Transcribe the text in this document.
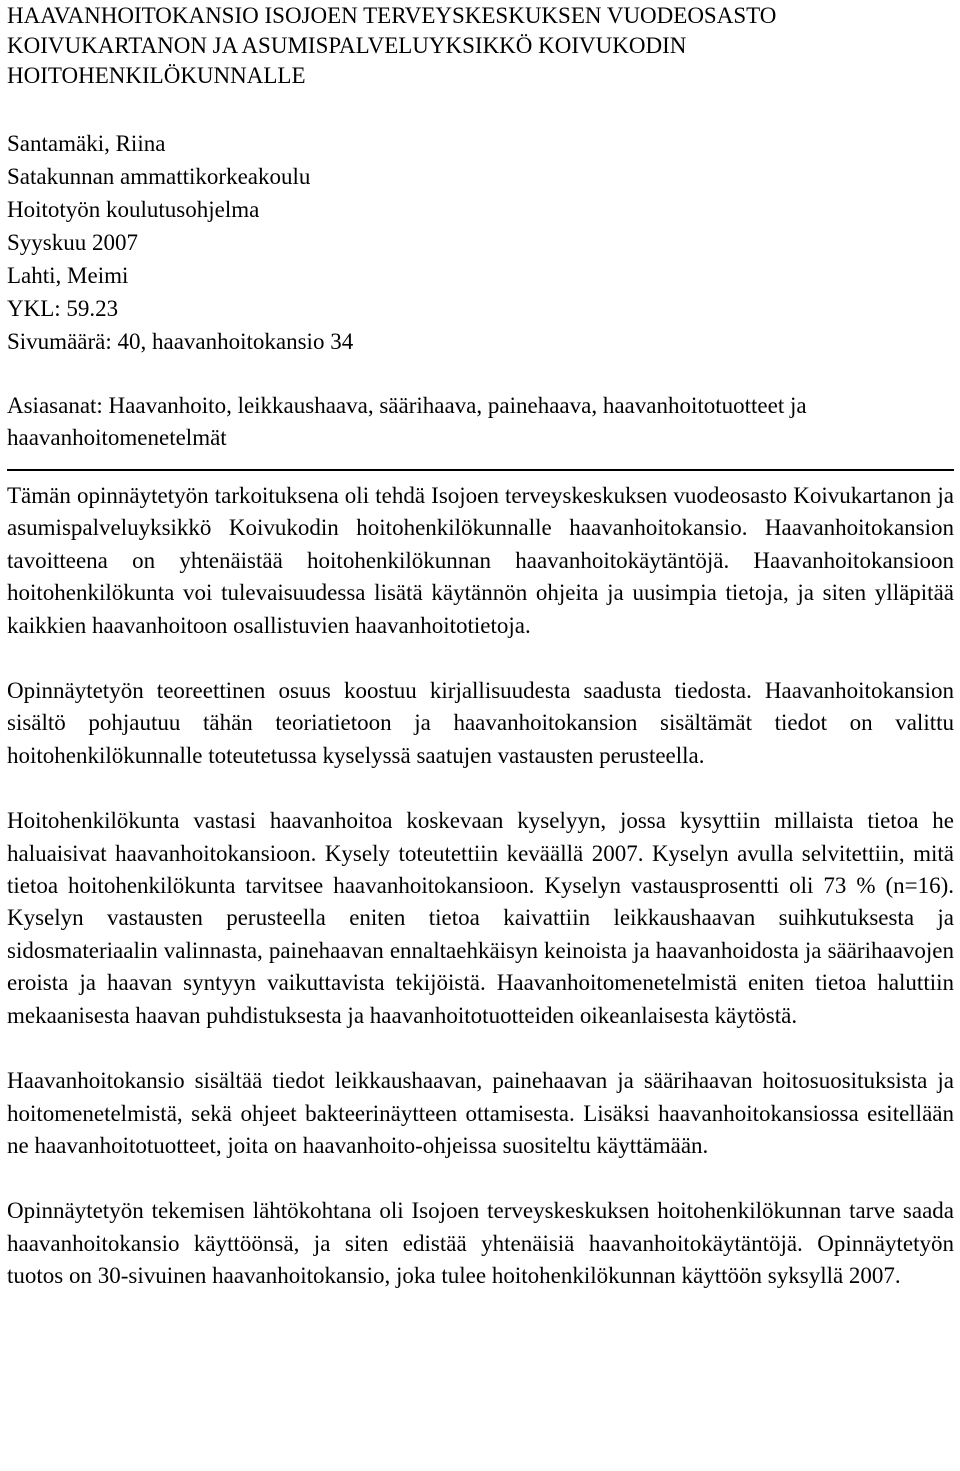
HAAVANHOITOKANSIO ISOJOEN TERVEYSKESKUKSEN VUODEOSASTO
KOIVUKARTANON JA ASUMISPALVELUYKSIKKÖ KOIVUKODIN
HOITOHENKILÖKUNNALLE
Santamäki, Riina
Satakunnan ammattikorkeakoulu
Hoitotyön koulutusohjelma
Syyskuu 2007
Lahti, Meimi
YKL: 59.23
Sivumäärä: 40, haavanhoitokansio 34
Asiasanat: Haavanhoito, leikkaushaava, säärihaava, painehaava, haavanhoitotuotteet ja haavanhoitomenetelmät

Tämän opinnäytetyön tarkoituksena oli tehdä Isojoen terveyskeskuksen vuodeosasto Koivukartanon ja asumispalveluyksikkö Koivukodin hoitohenkilökunnalle haavanhoitokansio. Haavanhoitokansion tavoitteena on yhtenäistää hoitohenkilökunnan haavanhoitokäytäntöjä. Haavanhoitokansioon hoitohenkilökunta voi tulevaisuudessa lisätä käytännön ohjeita ja uusimpia tietoja, ja siten ylläpitää kaikkien haavanhoitoon osallistuvien haavanhoitotietoja.

Opinnäytetyön teoreettinen osuus koostuu kirjallisuudesta saadusta tiedosta. Haavanhoitokansion sisältö pohjautuu tähän teoriatietoon ja haavanhoitokansion sisältämät tiedot on valittu hoitohenkilökunnalle toteutetussa kyselyssä saatujen vastausten perusteella.

Hoitohenkilökunta vastasi haavanhoitoa koskevaan kyselyyn, jossa kysyttiin millaista tietoa he haluaisivat haavanhoitokansioon. Kysely toteutettiin keväällä 2007. Kyselyn avulla selvitettiin, mitä tietoa hoitohenkilökunta tarvitsee haavanhoitokansioon. Kyselyn vastausprosentti oli 73 % (n=16). Kyselyn vastausten perusteella eniten tietoa kaivattiin leikkaushaavan suihkutuksesta ja sidosmateriaalin valinnasta, painehaavan ennaltaehkäisyn keinoista ja haavanhoidosta ja säärihaavojen eroista ja haavan syntyyn vaikuttavista tekijöistä. Haavanhoitomenetelmistä eniten tietoa haluttiin mekaanisesta haavan puhdistuksesta ja haavanhoitotuotteiden oikeanlaisesta käytöstä.

Haavanhoitokansio sisältää tiedot leikkaushaavan, painehaavan ja säärihaavan hoitosuosituksista ja hoitomenetelmistä, sekä ohjeet bakteerinäytteen ottamisesta. Lisäksi haavanhoitokansiossa esitellään ne haavanhoitotuotteet, joita on haavanhoito-ohjeissa suositeltu käyttämään.

Opinnäytetyön tekemisen lähtökohtana oli Isojoen terveyskeskuksen hoitohenkilökunnan tarve saada haavanhoitokansio käyttöönsä, ja siten edistää yhtenäisiä haavanhoitokäytäntöjä. Opinnäytetyön tuotos on 30-sivuinen haavanhoitokansio, joka tulee hoitohenkilökunnan käyttöön syksyllä 2007.
